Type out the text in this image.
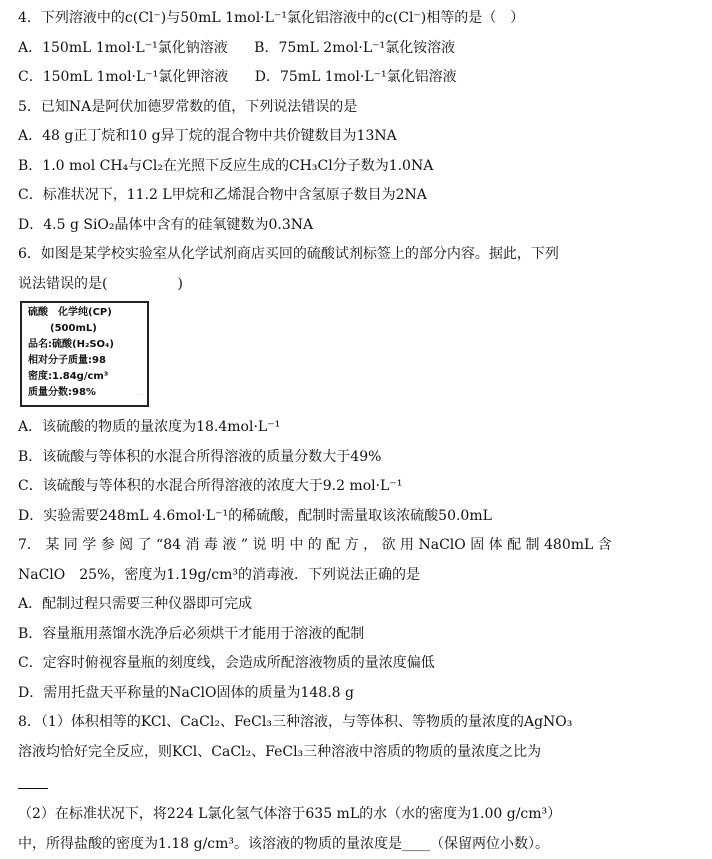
4．下列溶液中的c(Cl⁻)与50mL 1mol·L⁻¹氯化铝溶液中的c(Cl⁻)相等的是（　）
A．150mL 1mol·L⁻¹氯化钠溶液 B．75mL 2mol·L⁻¹氯化铵溶液
C．150mL 1mol·L⁻¹氯化钾溶液 D．75mL 1mol·L⁻¹氯化铝溶液
5．已知NA是阿伏加德罗常数的值，下列说法错误的是
A．48 g正丁烷和10 g异丁烷的混合物中共价键数目为13NA
B．1.0 mol CH₄与Cl₂在光照下反应生成的CH₃Cl分子数为1.0NA
C．标准状况下，11.2 L甲烷和乙烯混合物中含氢原子数目为2NA
D．4.5 g SiO₂晶体中含有的硅氧键数为0.3NA
6．如图是某学校实验室从化学试剂商店买回的硫酸试剂标签上的部分内容。据此，下列
说法错误的是(　　　　　)
硫酸　化学纯(CP)
(500mL)
品名:硫酸(H₂SO₄)
相对分子质量:98
密度:1.84g/cm³
质量分数:98%	·····
A．该硫酸的物质的量浓度为18.4mol·L⁻¹
B．该硫酸与等体积的水混合所得溶液的质量分数大于49%
C．该硫酸与等体积的水混合所得溶液的浓度大于9.2 mol·L⁻¹
D．实验需要248mL 4.6mol·L⁻¹的稀硫酸，配制时需量取该浓硫酸50.0mL
7． 某 同 学 参 阅 了 “84 消 毒 液 ” 说 明 中 的 配 方 ， 欲 用 NaClO 固 体 配 制 480mL 含
NaClO　25%，密度为1.19g/cm³的消毒液．下列说法正确的是
A．配制过程只需要三种仪器即可完成
B．容量瓶用蒸馏水洗净后必须烘干才能用于溶液的配制
C．定容时俯视容量瓶的刻度线，会造成所配溶液物质的量浓度偏低
D．需用托盘天平称量的NaClO固体的质量为148.8 g
8．（1）体积相等的KCl、CaCl₂、FeCl₃三种溶液，与等体积、等物质的量浓度的AgNO₃
溶液均恰好完全反应，则KCl、CaCl₂、FeCl₃三种溶液中溶质的物质的量浓度之比为
（2）在标准状况下，将224 L氯化氢气体溶于635 mL的水（水的密度为1.00 g/cm³）
中，所得盐酸的密度为1.18 g/cm³。该溶液的物质的量浓度是____（保留两位小数）。
